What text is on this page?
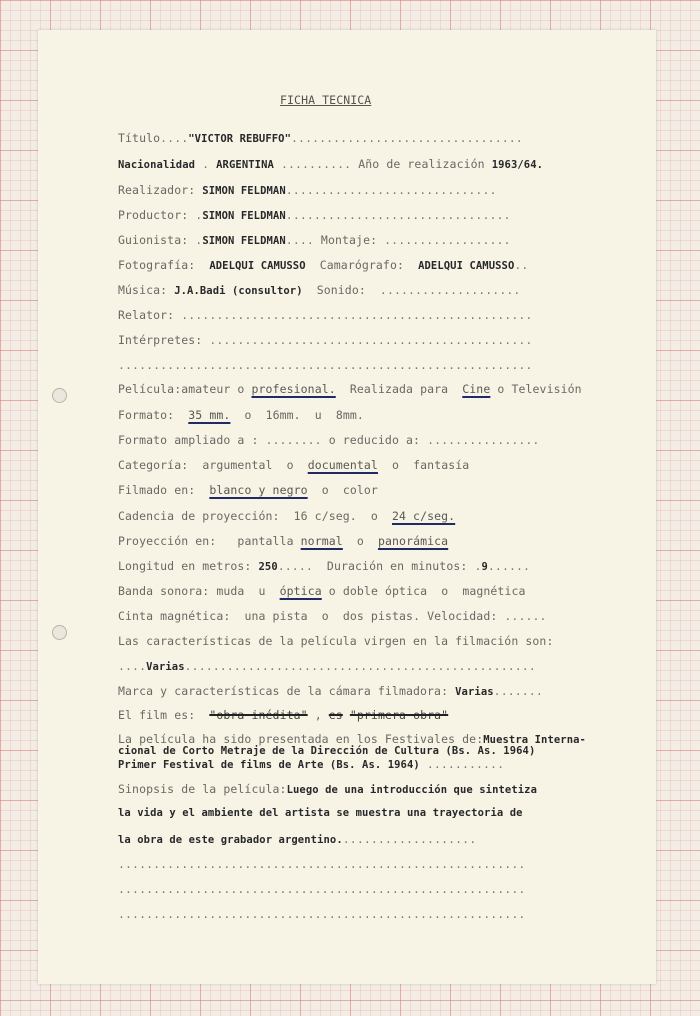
FICHA TECNICA
Título...."VICTOR REBUFFO".................................
Nacionalidad . ARGENTINA .......... Año de realización 1963/64.
Realizador: SIMON FELDMAN..............................
Productor: .SIMON FELDMAN................................
Guionista: .SIMON FELDMAN.... Montaje: ..................
Fotografía: ADELQUI CAMUSSO Camarógrafo: ADELQUI CAMUSSO..
Música: J.A.Badi (consultor) Sonido:  ....................
Relator: ..................................................
Intérpretes: ..............................................
...........................................................
Película:amateur o profesional. Realizada para Cine o Televisión
Formato: 35 mm. o 16mm. u 8mm.
Formato ampliado a : ........ o reducido a: ................
Categoría: argumental o documental o fantasía
Filmado en: blanco y negro o color
Cadencia de proyección: 16 c/seg. o 24 c/seg.
Proyección en: pantalla normal o panorámica
Longitud en metros: 250.....  Duración en minutos: .9......
Banda sonora: muda u óptica o doble óptica o magnética
Cinta magnética: una pista o dos pistas. Velocidad: ......
Las características de la película virgen en la filmación son:
....Varias..................................................
Marca y características de la cámara filmadora: Varias.......
El film es: "obra inédita" , es "primera obra"
La película ha sido presentada en los Festivales de:Muestra Interna-
cional de Corto Metraje de la Dirección de Cultura (Bs. As. 1964)
Primer Festival de films de Arte (Bs. As. 1964) ...........
Sinopsis de la película:Luego de una introducción que sintetiza
la vida y el ambiente del artista se muestra una trayectoria de
la obra de este grabador argentino....................
..........................................................
..........................................................
..........................................................
